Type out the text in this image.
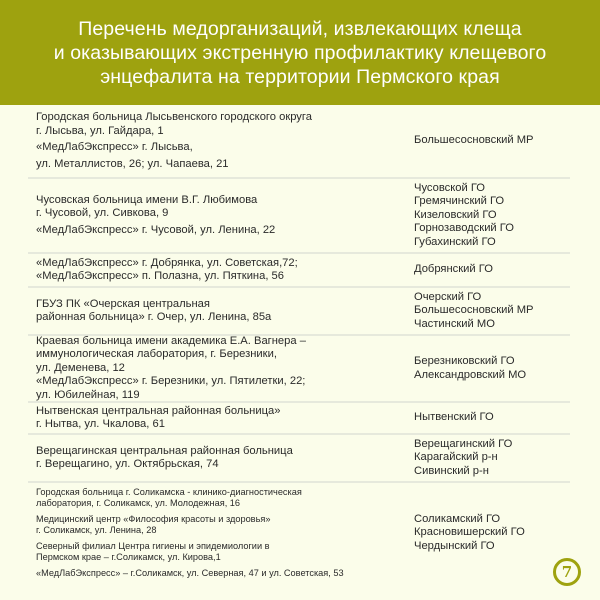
Перечень медорганизаций, извлекающих клеща
и оказывающих экстренную профилактику клещевого
энцефалита на территории Пермского края
Городская больница Лысьвенского городского округа
г. Лысьва, ул. Гайдара, 1
«МедЛабЭкспресс» г. Лысьва,
ул. Металлистов, 26; ул. Чапаева, 21
Большесосновский МР
Чусовская больница имени В.Г. Любимова
г. Чусовой, ул. Сивкова, 9
«МедЛабЭкспресс» г. Чусовой, ул. Ленина, 22
Чусовской ГО
Гремячинский ГО
Кизеловский ГО
Горнозаводский ГО
Губахинский ГО
«МедЛабЭкспресс» г. Добрянка, ул. Советская,72;
«МедЛабЭкспресс» п. Полазна, ул. Пяткина, 56
Добрянский ГО
ГБУЗ ПК «Очерская центральная
районная больница» г. Очер, ул. Ленина, 85а
Очерский ГО
Большесосновский МР
Частинский МО
Краевая больница имени академика Е.А. Вагнера –
иммунологическая лаборатория, г. Березники,
ул. Деменева, 12
«МедЛабЭкспресс» г. Березники, ул. Пятилетки, 22;
ул. Юбилейная, 119
Березниковский ГО
Александровский МО
Нытвенская центральная районная больница»
г. Нытва, ул. Чкалова, 61
Нытвенский ГО
Верещагинская центральная районная больница
г. Верещагино, ул. Октябрьская, 74
Верещагинский ГО
Карагайский р-н
Сивинский р-н
Городская больница г. Соликамска - клинико-диагностическая
лаборатория, г. Соликамск, ул. Молодежная, 16
Медицинский центр «Философия красоты и здоровья»
г. Соликамск, ул. Ленина, 28
Северный филиал Центра гигиены и эпидемиологии в
Пермском крае – г.Соликамск, ул. Кирова,1
«МедЛабЭкспресс» – г.Соликамск, ул. Северная, 47 и ул. Советская, 53
Соликамский ГО
Красновишерский ГО
Чердынский ГО
7
